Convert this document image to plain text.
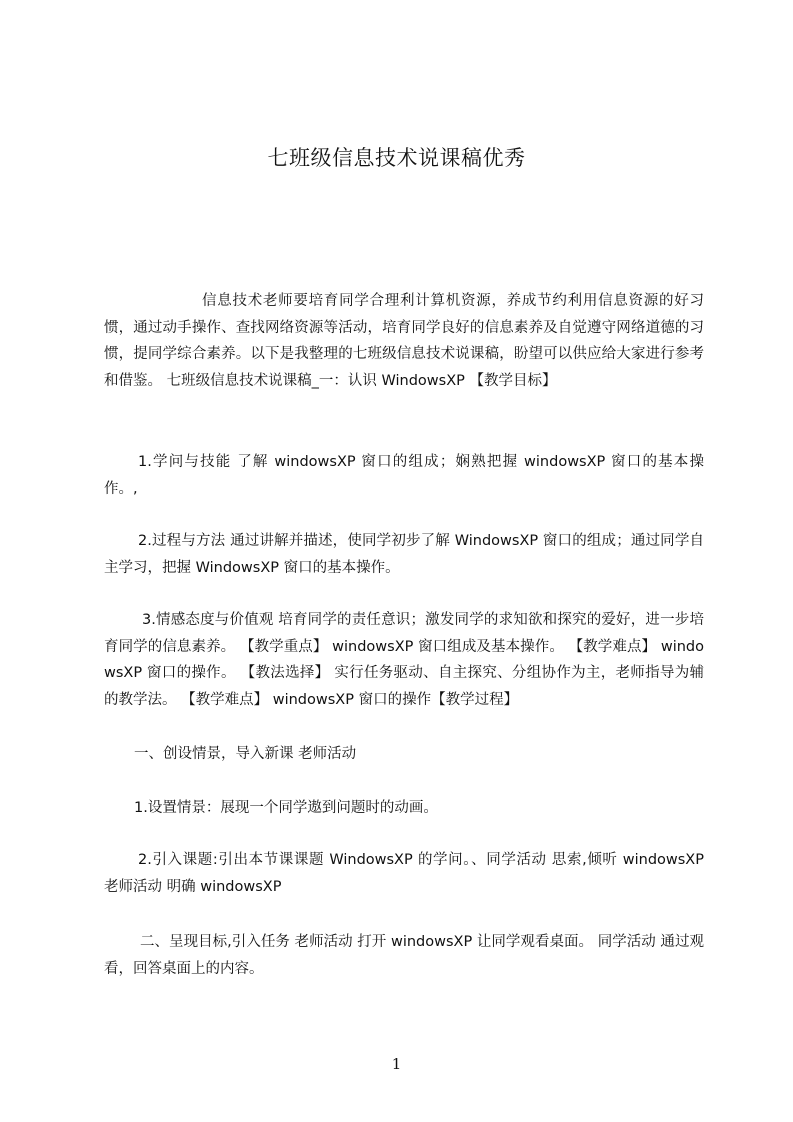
七班级信息技术说课稿优秀
信息技术老师要培育同学合理利计算机资源，养成节约利用信息资源的好习惯，通过动手操作、查找网络资源等活动，培育同学良好的信息素养及自觉遵守网络道德的习惯，提同学综合素养。以下是我整理的七班级信息技术说课稿，盼望可以供应给大家进行参考和借鉴。 七班级信息技术说课稿_一：认识 WindowsXP 【教学目标】
1.学问与技能 了解 windowsXP 窗口的组成；娴熟把握 windowsXP 窗口的基本操作。,
2.过程与方法 通过讲解并描述，使同学初步了解 WindowsXP 窗口的组成；通过同学自主学习，把握 WindowsXP 窗口的基本操作。
3.情感态度与价值观 培育同学的责任意识；激发同学的求知欲和探究的爱好，进一步培育同学的信息素养。 【教学重点】 windowsXP 窗口组成及基本操作。 【教学难点】 windowsXP 窗口的操作。 【教法选择】 实行任务驱动、自主探究、分组协作为主，老师指导为辅的教学法。 【教学难点】 windowsXP 窗口的操作【教学过程】
一、创设情景，导入新课 老师活动
1.设置情景：展现一个同学遨到问题时的动画。
2.引入课题:引出本节课课题 WindowsXP 的学问。、同学活动 思索,倾听 windowsXP 老师活动 明确 windowsXP
二、呈现目标,引入任务 老师活动 打开 windowsXP 让同学观看桌面。 同学活动 通过观看，回答桌面上的内容。
1
